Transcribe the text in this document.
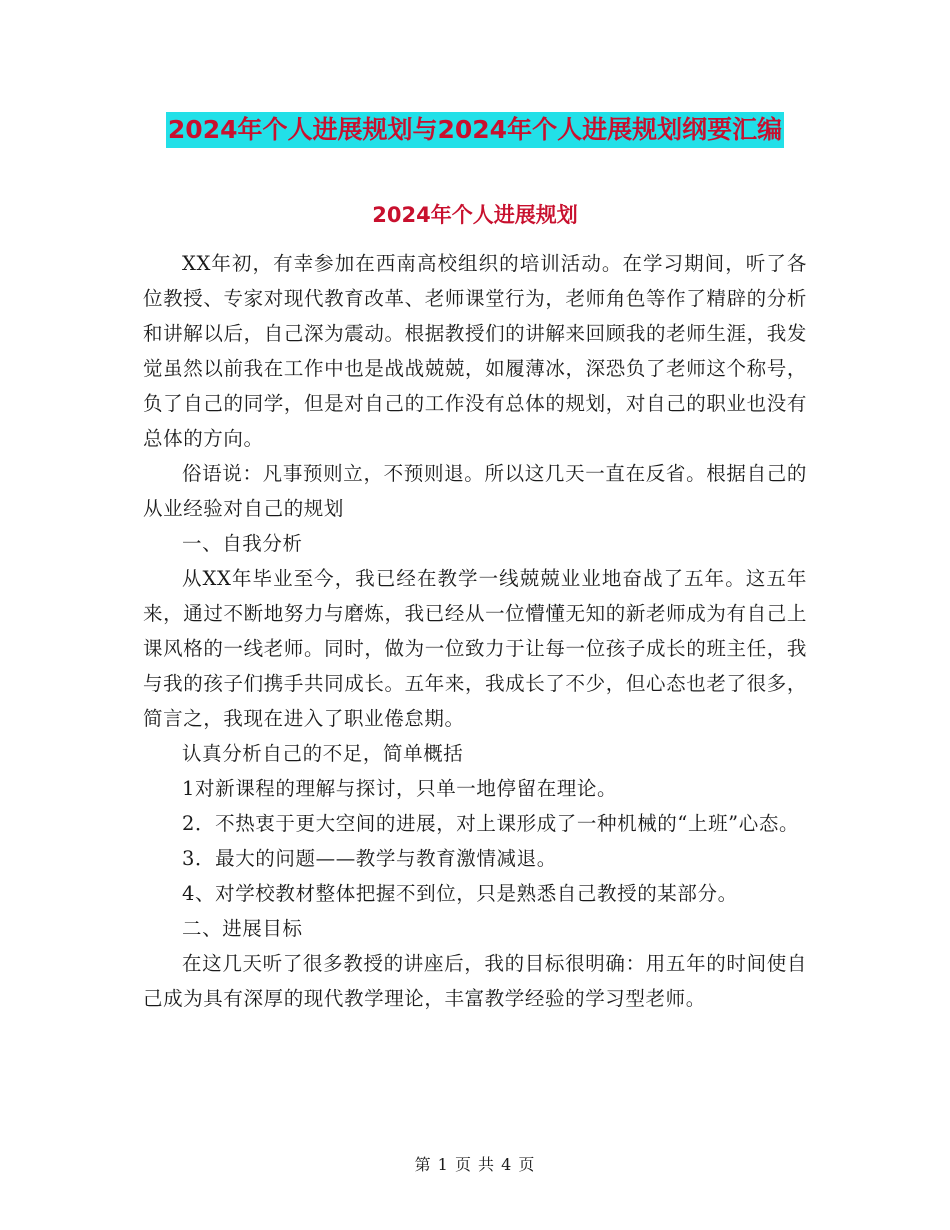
2024年个人进展规划与2024年个人进展规划纲要汇编
2024年个人进展规划

XX年初，有幸参加在西南高校组织的培训活动。在学习期间，听了各位教授、专家对现代教育改革、老师课堂行为，老师角色等作了精辟的分析和讲解以后，自己深为震动。根据教授们的讲解来回顾我的老师生涯，我发觉虽然以前我在工作中也是战战兢兢，如履薄冰，深恐负了老师这个称号，负了自己的同学，但是对自己的工作没有总体的规划，对自己的职业也没有总体的方向。

俗语说：凡事预则立，不预则退。所以这几天一直在反省。根据自己的从业经验对自己的规划

一、自我分析

从XX年毕业至今，我已经在教学一线兢兢业业地奋战了五年。这五年来，通过不断地努力与磨炼，我已经从一位懵懂无知的新老师成为有自己上课风格的一线老师。同时，做为一位致力于让每一位孩子成长的班主任，我与我的孩子们携手共同成长。五年来，我成长了不少，但心态也老了很多，简言之，我现在进入了职业倦怠期。

认真分析自己的不足，简单概括

1对新课程的理解与探讨，只单一地停留在理论。

2．不热衷于更大空间的进展，对上课形成了一种机械的“上班”心态。

3．最大的问题——教学与教育激情减退。

4、对学校教材整体把握不到位，只是熟悉自己教授的某部分。

二、进展目标

在这几天听了很多教授的讲座后，我的目标很明确：用五年的时间使自己成为具有深厚的现代教学理论，丰富教学经验的学习型老师。

第 1 页 共 4 页
